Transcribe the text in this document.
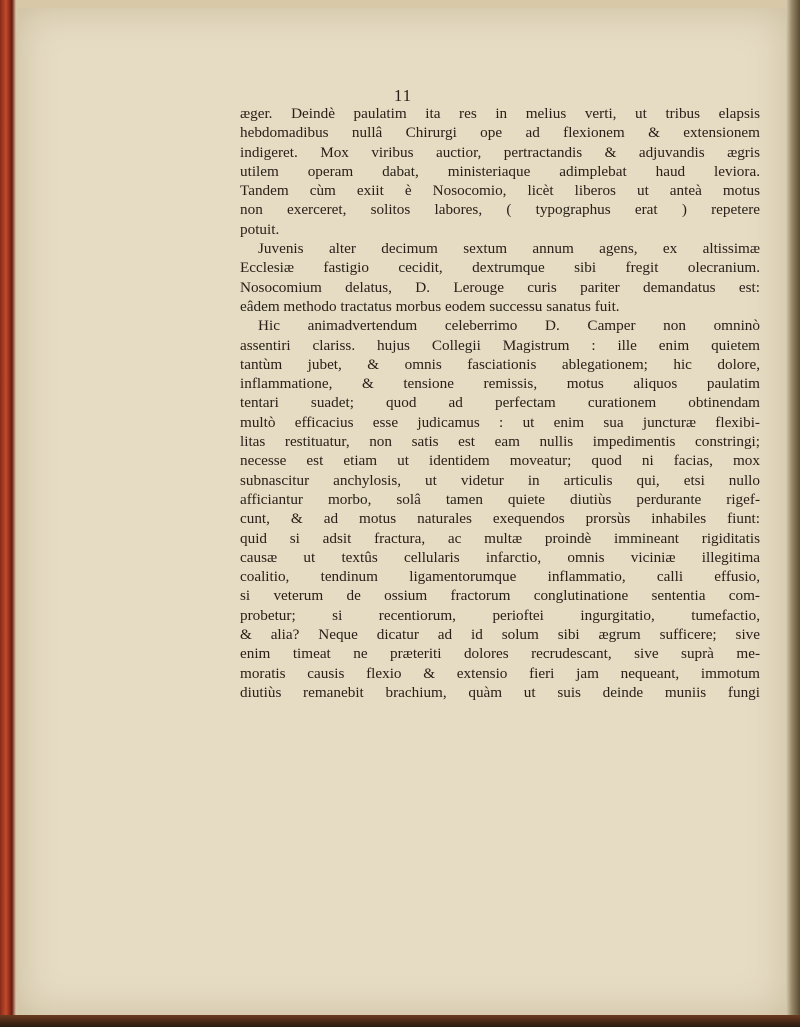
11
æger. Deindè paulatim ita res in melius verti, ut tribus elapsis
hebdomadibus nullâ Chirurgi ope ad flexionem & extensionem
indigeret. Mox viribus auctior, pertractandis & adjuvandis ægris
utilem operam dabat, ministeriaque adimplebat haud leviora.
Tandem cùm exiit è Nosocomio, licèt liberos ut anteà motus
non exerceret, solitos labores, ( typographus erat ) repetere
potuit.
Juvenis alter decimum sextum annum agens, ex altissimæ
Ecclesiæ fastigio cecidit, dextrumque sibi fregit olecranium.
Nosocomium delatus, D. Lerouge curis pariter demandatus est:
eâdem methodo tractatus morbus eodem successu sanatus fuit.
Hic animadvertendum celeberrimo D. Camper non omninò
assentiri clariss. hujus Collegii Magistrum : ille enim quietem
tantùm jubet, & omnis fasciationis ablegationem; hic dolore,
inflammatione, & tensione remissis, motus aliquos paulatim
tentari suadet; quod ad perfectam curationem obtinendam
multò efficacius esse judicamus : ut enim sua juncturæ flexibi-
litas restituatur, non satis est eam nullis impedimentis constringi;
necesse est etiam ut identidem moveatur; quod ni facias, mox
subnascitur anchylosis, ut videtur in articulis qui, etsi nullo
afficiantur morbo, solâ tamen quiete diutiùs perdurante rigef-
cunt, & ad motus naturales exequendos prorsùs inhabiles fiunt:
quid si adsit fractura, ac multæ proindè immineant rigiditatis
causæ ut textûs cellularis infarctio, omnis viciniæ illegitima
coalitio, tendinum ligamentorumque inflammatio, calli effusio,
si veterum de ossium fractorum conglutinatione sententia com-
probetur; si recentiorum, perioftei ingurgitatio, tumefactio,
& alia? Neque dicatur ad id solum sibi ægrum sufficere; sive
enim timeat ne præteriti dolores recrudescant, sive suprà me-
moratis causis flexio & extensio fieri jam nequeant, immotum
diutiùs remanebit brachium, quàm ut suis deinde muniis fungi
